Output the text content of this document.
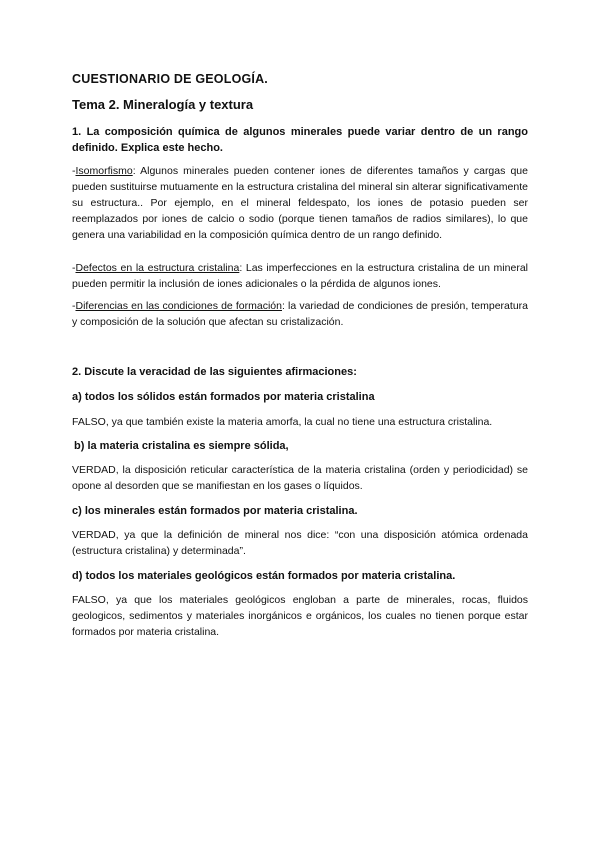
CUESTIONARIO DE GEOLOGÍA.
Tema 2. Mineralogía y textura
1. La composición química de algunos minerales puede variar dentro de un rango definido. Explica este hecho.
-Isomorfismo: Algunos minerales pueden contener iones de diferentes tamaños y cargas que pueden sustituirse mutuamente en la estructura cristalina del mineral sin alterar significativamente su estructura.. Por ejemplo, en el mineral feldespato, los iones de potasio pueden ser reemplazados por iones de calcio o sodio (porque tienen tamaños de radios similares), lo que genera una variabilidad en la composición química dentro de un rango definido.
-Defectos en la estructura cristalina: Las imperfecciones en la estructura cristalina de un mineral pueden permitir la inclusión de iones adicionales o la pérdida de algunos iones.
-Diferencias en las condiciones de formación: la variedad de condiciones de presión, temperatura y composición de la solución que afectan su cristalización.
2. Discute la veracidad de las siguientes afirmaciones:
a) todos los sólidos están formados por materia cristalina
FALSO, ya que también existe la materia amorfa, la cual no tiene una estructura cristalina.
b) la materia cristalina es siempre sólida,
VERDAD, la disposición reticular característica de la materia cristalina (orden y periodicidad) se opone al desorden que se manifiestan en los gases o líquidos.
c) los minerales están formados por materia cristalina.
VERDAD, ya que la definición de mineral nos dice: “con una disposición atómica ordenada (estructura cristalina) y determinada”.
d) todos los materiales geológicos están formados por materia cristalina.
FALSO, ya que los materiales geológicos engloban a parte de minerales, rocas, fluidos geologicos, sedimentos y materiales inorgánicos e orgánicos, los cuales no tienen porque estar formados por materia cristalina.
